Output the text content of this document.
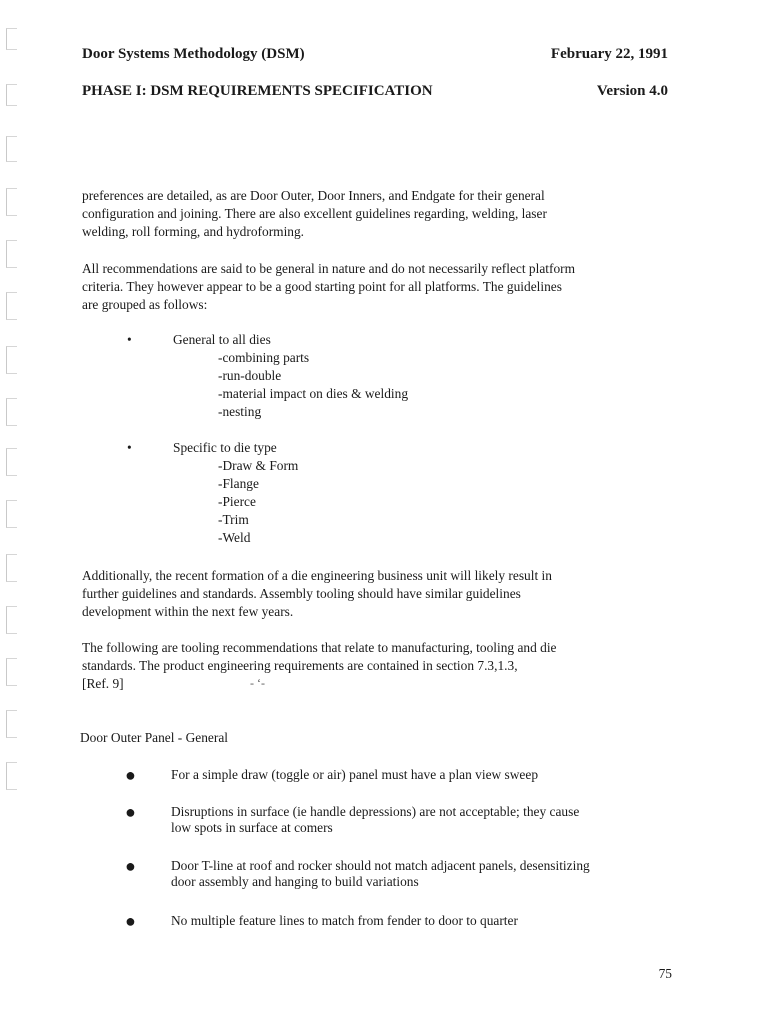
Door Systems Methodology (DSM)	February 22, 1991
PHASE I: DSM REQUIREMENTS SPECIFICATION	Version 4.0
preferences are detailed, as are Door Outer, Door Inners, and Endgate for their general
configuration and joining. There are also excellent guidelines regarding, welding, laser
welding, roll forming, and hydroforming.
All recommendations are said to be general in nature and do not necessarily reflect platform
criteria. They however appear to be a good starting point for all platforms. The guidelines
are grouped as follows:
•	General to all dies
-combining parts
-run-double
-material impact on dies & welding
-nesting
•	Specific to die type
-Draw & Form
-Flange
-Pierce
-Trim
-Weld
Additionally, the recent formation of a die engineering business unit will likely result in
further guidelines and standards. Assembly tooling should have similar guidelines
development within the next few years.
The following are tooling recommendations that relate to manufacturing, tooling and die
standards. The product engineering requirements are contained in section 7.3,1.3,
[Ref. 9]	- ‘-
Door Outer Panel - General
●	For a simple draw (toggle or air) panel must have a plan view sweep
●	Disruptions in surface (ie handle depressions) are not acceptable; they cause
low spots in surface at comers
●	Door T-line at roof and rocker should not match adjacent panels, desensitizing
door assembly and hanging to build variations
●	No multiple feature lines to match from fender to door to quarter
75
